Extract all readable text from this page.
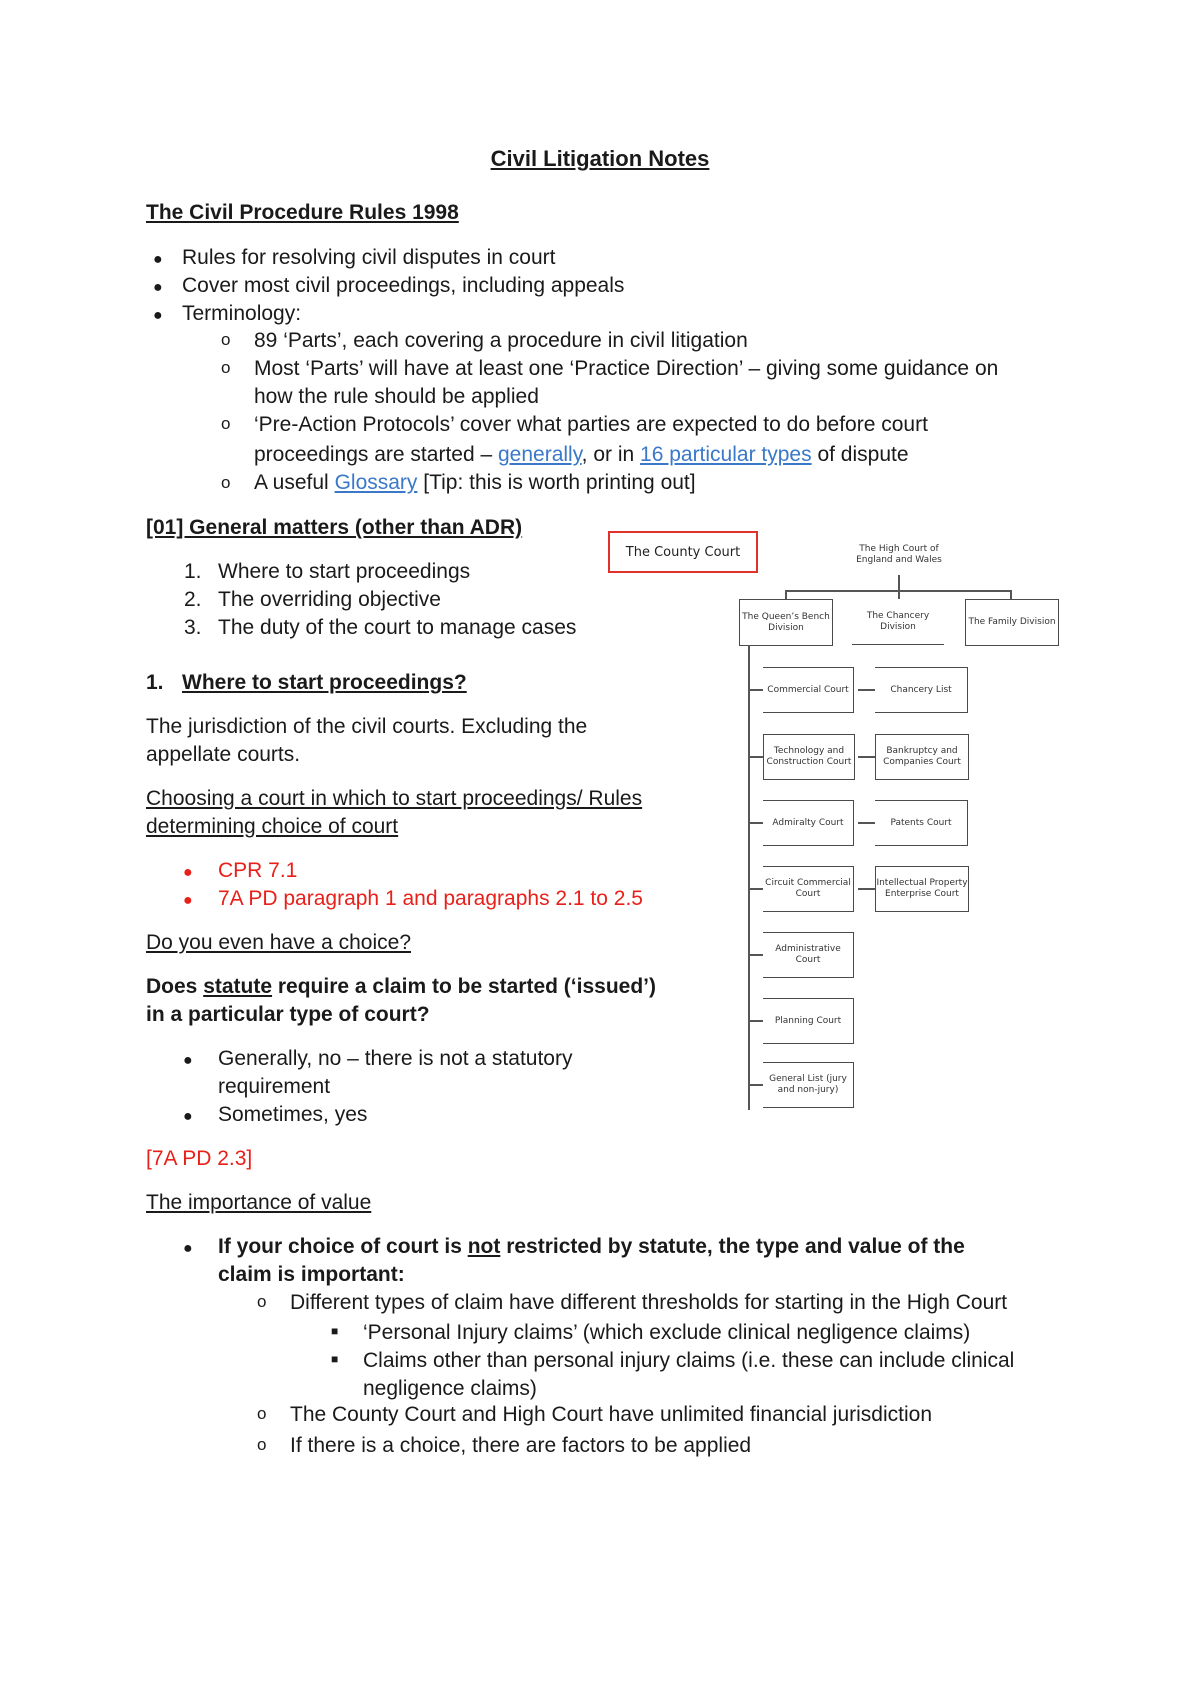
Civil Litigation Notes
The Civil Procedure Rules 1998
● Rules for resolving civil disputes in court
● Cover most civil proceedings, including appeals
● Terminology:
o 89 ‘Parts’, each covering a procedure in civil litigation
o Most ‘Parts’ will have at least one ‘Practice Direction’ – giving some guidance on
how the rule should be applied
o ‘Pre-Action Protocols’ cover what parties are expected to do before court
proceedings are started – generally, or in 16 particular types of dispute
o A useful Glossary [Tip: this is worth printing out]
[01] General matters (other than ADR)
1. Where to start proceedings
2. The overriding objective
3. The duty of the court to manage cases
1. Where to start proceedings?
The jurisdiction of the civil courts. Excluding the
appellate courts.
Choosing a court in which to start proceedings/ Rules
determining choice of court
● CPR 7.1
● 7A PD paragraph 1 and paragraphs 2.1 to 2.5
Do you even have a choice?
Does statute require a claim to be started (‘issued’)
in a particular type of court?
● Generally, no – there is not a statutory
requirement
● Sometimes, yes
[7A PD 2.3]
The importance of value
● If your choice of court is not restricted by statute, the type and value of the
claim is important:
o Different types of claim have different thresholds for starting in the High Court
■ ‘Personal Injury claims’ (which exclude clinical negligence claims)
■ Claims other than personal injury claims (i.e. these can include clinical
negligence claims)
o The County Court and High Court have unlimited financial jurisdiction
o If there is a choice, there are factors to be applied
The County Court	The High Court of England and Wales
The Queen’s Bench Division
The Chancery Division	The Family Division
Commercial Court
Technology and Construction Court
Admiralty Court
Circuit Commercial Court
Administrative Court
Planning Court
General List (jury and non-jury)
Chancery List
Bankruptcy and Companies Court
Patents Court
Intellectual Property Enterprise Court
